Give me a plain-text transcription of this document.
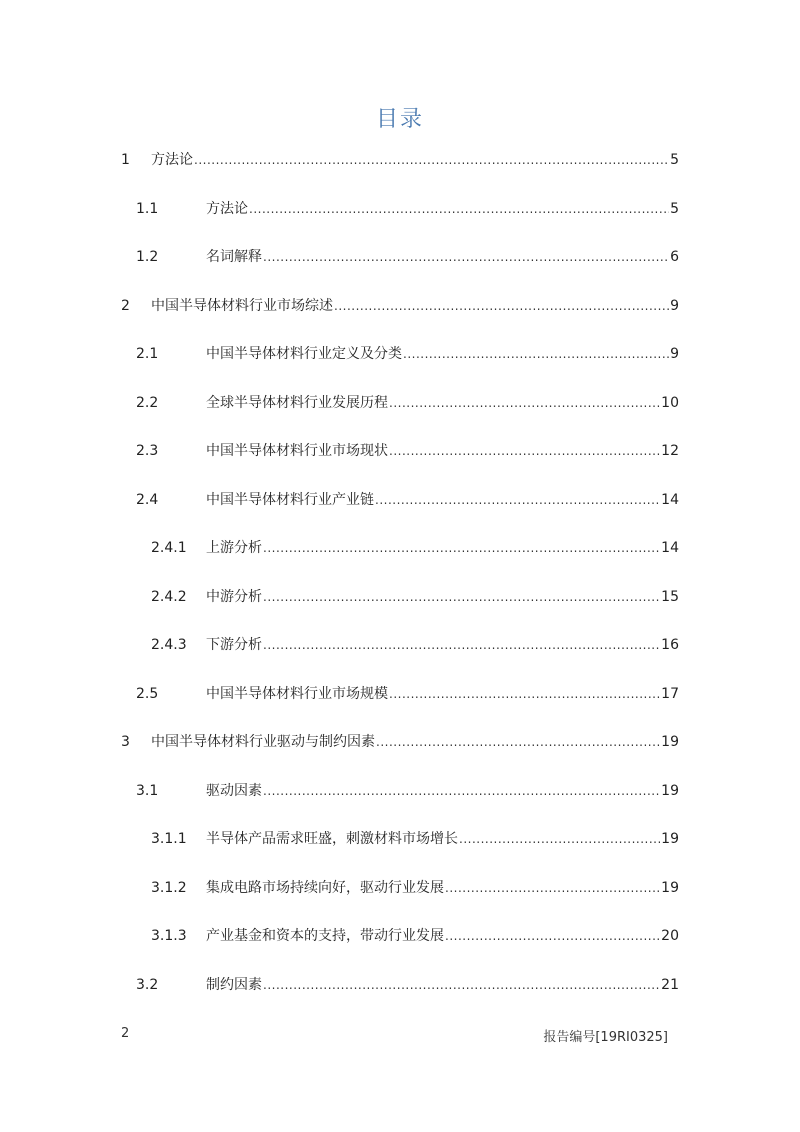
目录
1 方法论 .....	5
1.1	方法论 .....	5
1.2	名词解释 .....	6
2 中国半导体材料行业市场综述 .....	9
2.1	中国半导体材料行业定义及分类 .....	9
2.2	全球半导体材料行业发展历程 .....	10
2.3	中国半导体材料行业市场现状 .....	12
2.4	中国半导体材料行业产业链 .....	14
2.4.1 上游分析 .....	14
2.4.2 中游分析 .....	15
2.4.3 下游分析 .....	16
2.5	中国半导体材料行业市场规模 .....	17
3 中国半导体材料行业驱动与制约因素 .....	19
3.1	驱动因素 .....	19
3.1.1 半导体产品需求旺盛，刺激材料市场增长 .....	19
3.1.2 集成电路市场持续向好，驱动行业发展 .....	19
3.1.3 产业基金和资本的支持，带动行业发展 .....	20
3.2	制约因素 .....	21
2	报告编号[19RI0325]
